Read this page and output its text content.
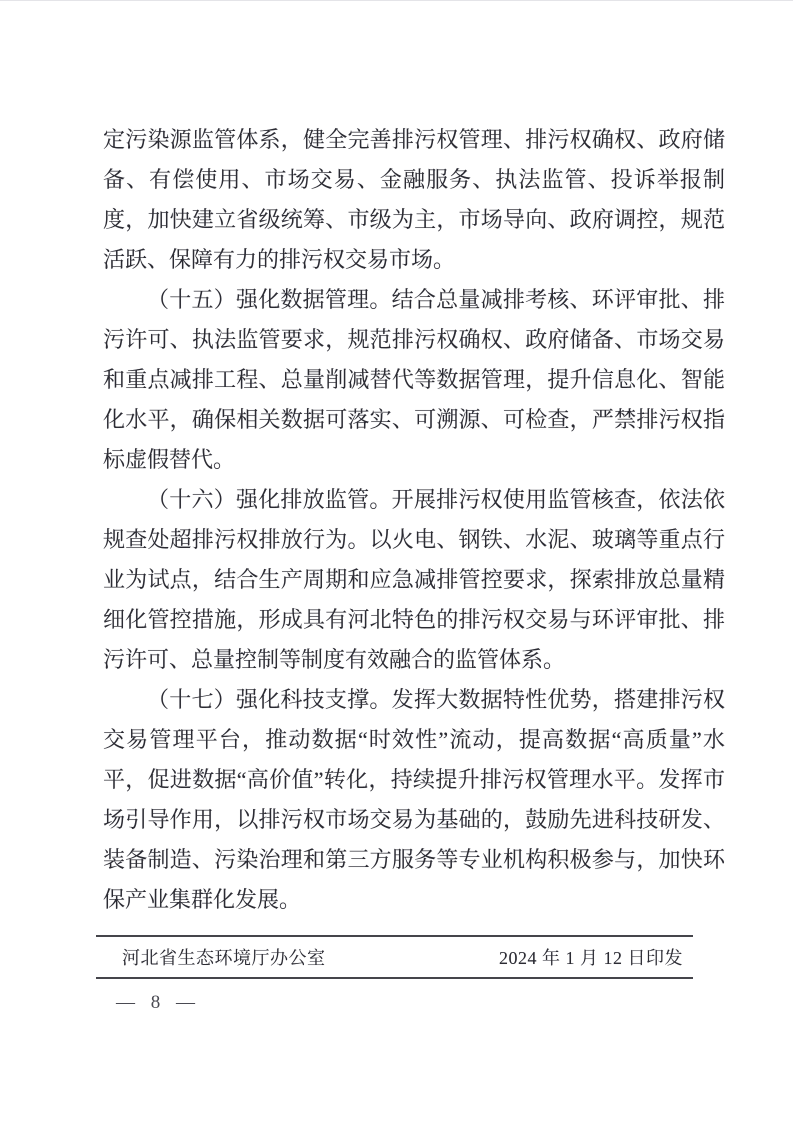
定污染源监管体系，健全完善排污权管理、排污权确权、政府储备、有偿使用、市场交易、金融服务、执法监管、投诉举报制度，加快建立省级统筹、市级为主，市场导向、政府调控，规范活跃、保障有力的排污权交易市场。

（十五）强化数据管理。结合总量减排考核、环评审批、排污许可、执法监管要求，规范排污权确权、政府储备、市场交易和重点减排工程、总量削减替代等数据管理，提升信息化、智能化水平，确保相关数据可落实、可溯源、可检查，严禁排污权指标虚假替代。

（十六）强化排放监管。开展排污权使用监管核查，依法依规查处超排污权排放行为。以火电、钢铁、水泥、玻璃等重点行业为试点，结合生产周期和应急减排管控要求，探索排放总量精细化管控措施，形成具有河北特色的排污权交易与环评审批、排污许可、总量控制等制度有效融合的监管体系。

（十七）强化科技支撑。发挥大数据特性优势，搭建排污权交易管理平台，推动数据“时效性”流动，提高数据“高质量”水平，促进数据“高价值”转化，持续提升排污权管理水平。发挥市场引导作用，以排污权市场交易为基础的，鼓励先进科技研发、装备制造、污染治理和第三方服务等专业机构积极参与，加快环保产业集群化发展。

河北省生态环境厅办公室	2024 年 1 月 12 日印发
— 8 —
